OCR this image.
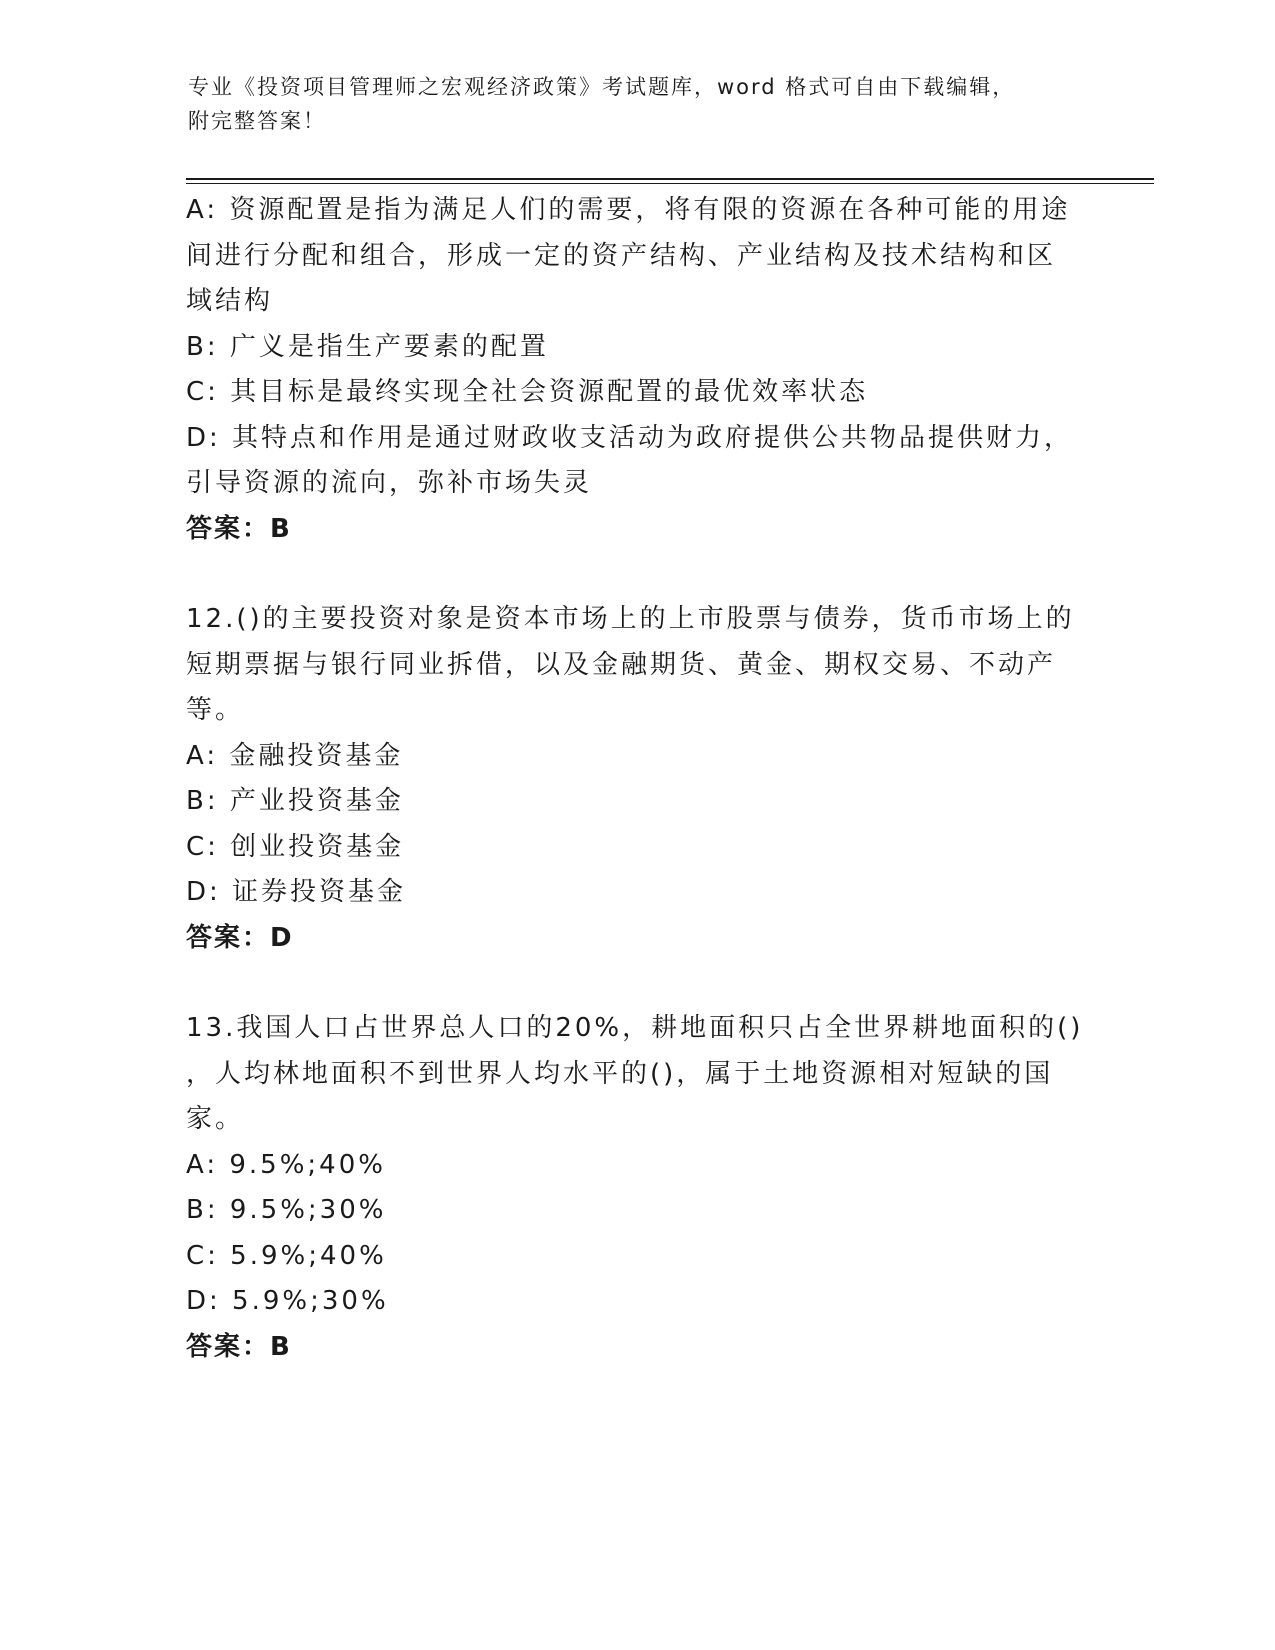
专业《投资项目管理师之宏观经济政策》考试题库，word 格式可自由下载编辑，
附完整答案！
A: 资源配置是指为满足人们的需要，将有限的资源在各种可能的用途
间进行分配和组合，形成一定的资产结构、产业结构及技术结构和区
域结构
B: 广义是指生产要素的配置
C: 其目标是最终实现全社会资源配置的最优效率状态
D: 其特点和作用是通过财政收支活动为政府提供公共物品提供财力，
引导资源的流向，弥补市场失灵
答案：B
12.()的主要投资对象是资本市场上的上市股票与债券，货币市场上的
短期票据与银行同业拆借，以及金融期货、黄金、期权交易、不动产
等。
A: 金融投资基金
B: 产业投资基金
C: 创业投资基金
D: 证券投资基金
答案：D
13.我国人口占世界总人口的20%，耕地面积只占全世界耕地面积的()
，人均林地面积不到世界人均水平的()，属于土地资源相对短缺的国
家。
A: 9.5%;40%
B: 9.5%;30%
C: 5.9%;40%
D: 5.9%;30%
答案：B
